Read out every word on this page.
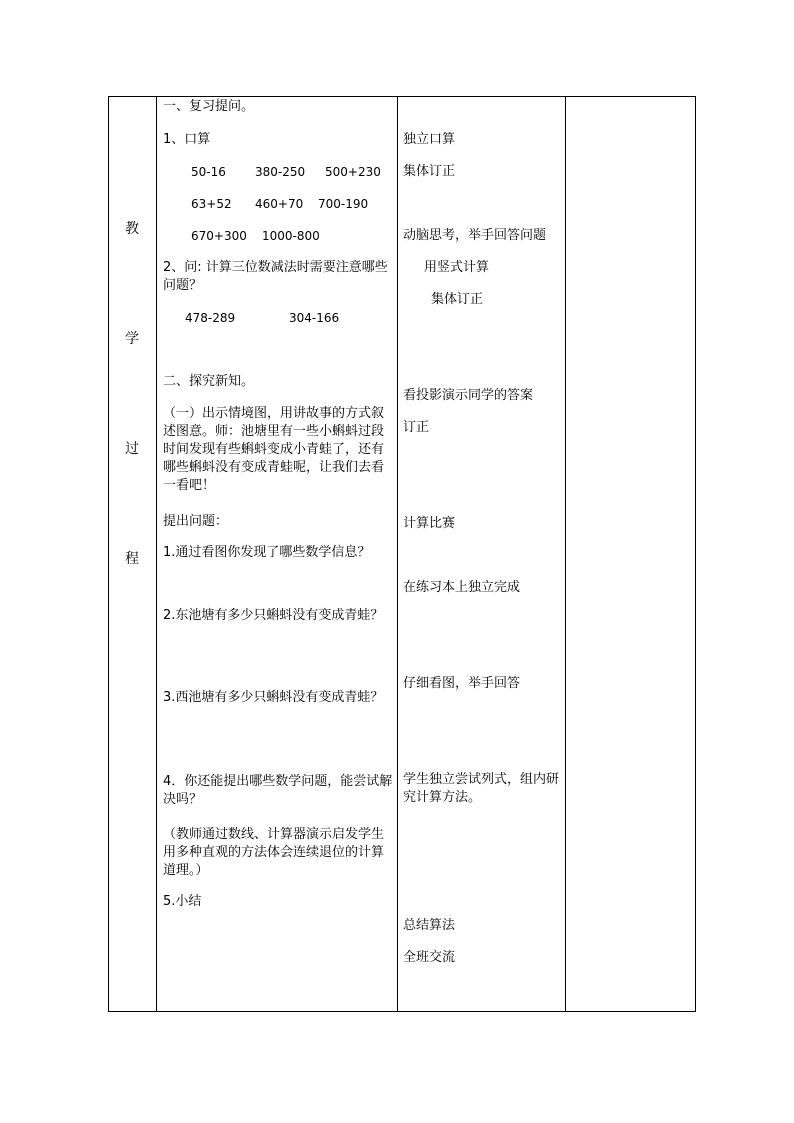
教
学
过
程
一、复习提问。
1、口算
50-16 380-250 500+230
63+52 460+70 700-190
670+300 1000-800
2、问: 计算三位数减法时需要注意哪些问题？
478-289	304-166
二、探究新知。
（一）出示情境图，用讲故事的方式叙述图意。师：池塘里有一些小蝌蚪过段时间发现有些蝌蚪变成小青蛙了，还有哪些蝌蚪没有变成青蛙呢，让我们去看一看吧！
提出问题：
1.通过看图你发现了哪些数学信息？
2.东池塘有多少只蝌蚪没有变成青蛙？
3.西池塘有多少只蝌蚪没有变成青蛙？
4．你还能提出哪些数学问题，能尝试解决吗？
（教师通过数线、计算器演示启发学生用多种直观的方法体会连续退位的计算道理。）
5.小结
独立口算
集体订正
动脑思考，举手回答问题
用竖式计算
集体订正
看投影演示同学的答案
订正
计算比赛
在练习本上独立完成
仔细看图，举手回答
学生独立尝试列式，组内研究计算方法。
总结算法
全班交流
